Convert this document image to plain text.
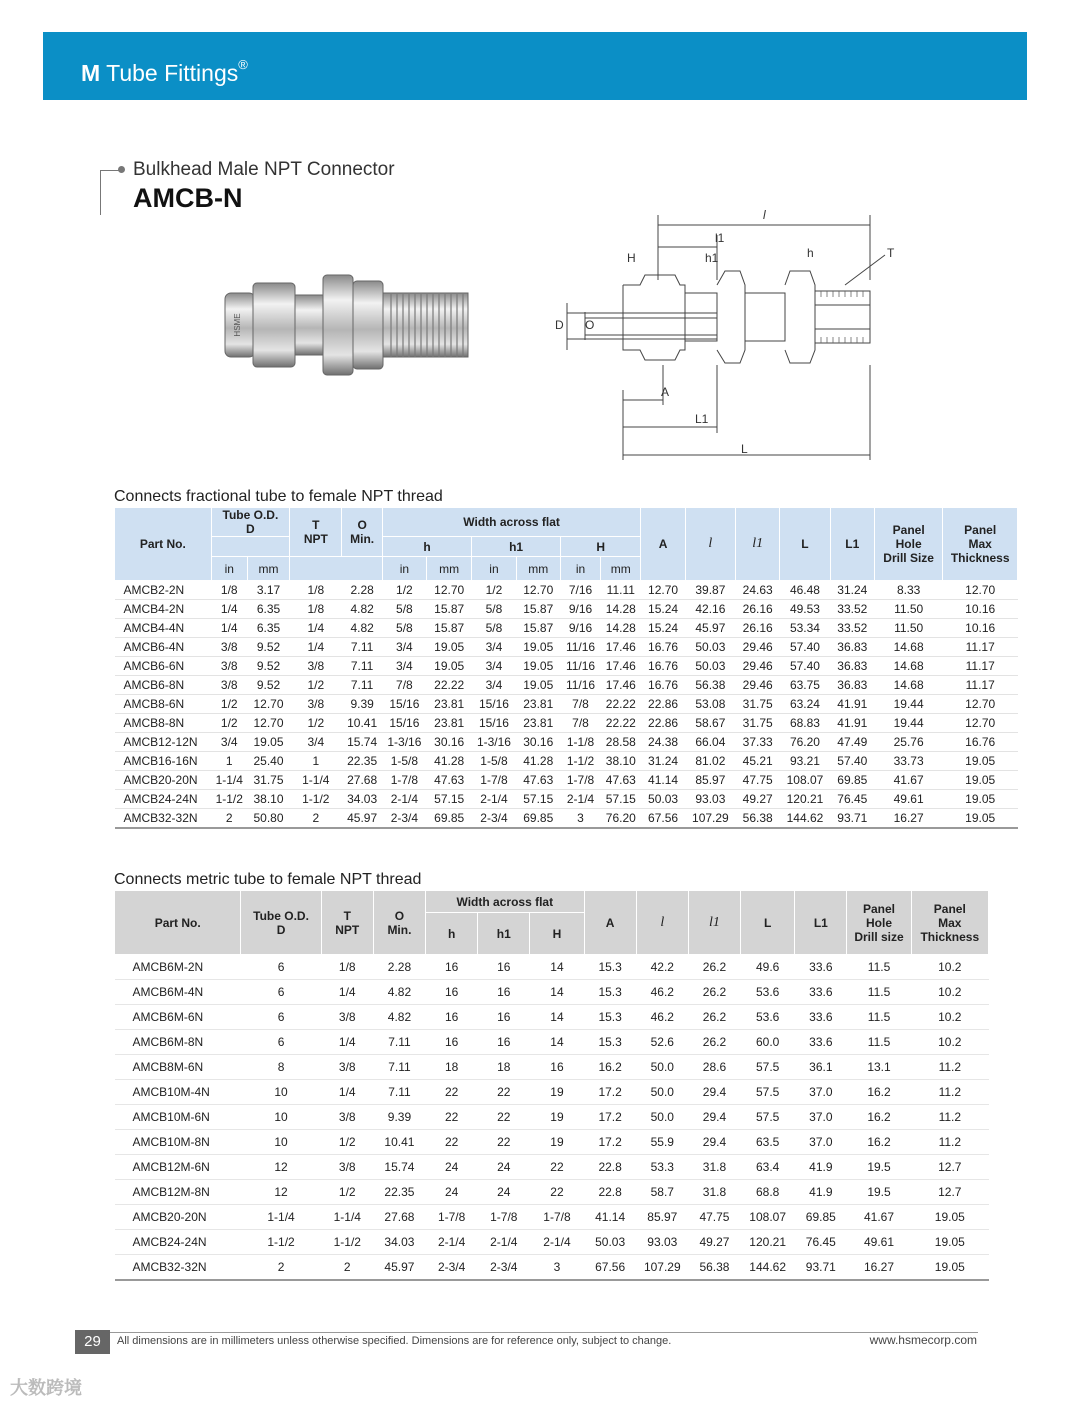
M Tube Fittings®
Bulkhead Male NPT Connector
AMCB-N
HSME
l
l1
H	h1	h	T
D O
A
L1
L
Connects fractional tube to female NPT thread
Part No.	Tube O.D.
D		T
NPT	O
Min.	Width across flat						A	l	l1	L	L1	Panel
Hole
Drill Size	Panel
Max
Thickness
					h		h1		H								
	in	mm			in	mm	in	mm	in	mm							
AMCB2-2N	1/8	3.17	1/8	2.28	1/2	12.70	1/2	12.70	7/16	11.11	12.70	39.87	24.63	46.48	31.24	8.33	12.70
AMCB4-2N	1/4	6.35	1/8	4.82	5/8	15.87	5/8	15.87	9/16	14.28	15.24	42.16	26.16	49.53	33.52	11.50	10.16
AMCB4-4N	1/4	6.35	1/4	4.82	5/8	15.87	5/8	15.87	9/16	14.28	15.24	45.97	26.16	53.34	33.52	11.50	10.16
AMCB6-4N	3/8	9.52	1/4	7.11	3/4	19.05	3/4	19.05	11/16	17.46	16.76	50.03	29.46	57.40	36.83	14.68	11.17
AMCB6-6N	3/8	9.52	3/8	7.11	3/4	19.05	3/4	19.05	11/16	17.46	16.76	50.03	29.46	57.40	36.83	14.68	11.17
AMCB6-8N	3/8	9.52	1/2	7.11	7/8	22.22	3/4	19.05	11/16	17.46	16.76	56.38	29.46	63.75	36.83	14.68	11.17
AMCB8-6N	1/2	12.70	3/8	9.39	15/16	23.81	15/16	23.81	7/8	22.22	22.86	53.08	31.75	63.24	41.91	19.44	12.70
AMCB8-8N	1/2	12.70	1/2	10.41	15/16	23.81	15/16	23.81	7/8	22.22	22.86	58.67	31.75	68.83	41.91	19.44	12.70
AMCB12-12N	3/4	19.05	3/4	15.74	1-3/16	30.16	1-3/16	30.16	1-1/8	28.58	24.38	66.04	37.33	76.20	47.49	25.76	16.76
AMCB16-16N	1	25.40	1	22.35	1-5/8	41.28	1-5/8	41.28	1-1/2	38.10	31.24	81.02	45.21	93.21	57.40	33.73	19.05
AMCB20-20N	1-1/4	31.75	1-1/4	27.68	1-7/8	47.63	1-7/8	47.63	1-7/8	47.63	41.14	85.97	47.75	108.07	69.85	41.67	19.05
AMCB24-24N	1-1/2	38.10	1-1/2	34.03	2-1/4	57.15	2-1/4	57.15	2-1/4	57.15	50.03	93.03	49.27	120.21	76.45	49.61	19.05
AMCB32-32N	2	50.80	2	45.97	2-3/4	69.85	2-3/4	69.85	3	76.20	67.56	107.29	56.38	144.62	93.71	16.27	19.05
Connects metric tube to female NPT thread
Part No.	Tube O.D.
D	T
NPT	O
Min.	Width across flat			A	l	l1	L	L1	Panel
Hole
Drill size	Panel
Max
Thickness
				h	h1	H							
AMCB6M-2N	6	1/8	2.28	16	16	14	15.3	42.2	26.2	49.6	33.6	11.5	10.2
AMCB6M-4N	6	1/4	4.82	16	16	14	15.3	46.2	26.2	53.6	33.6	11.5	10.2
AMCB6M-6N	6	3/8	4.82	16	16	14	15.3	46.2	26.2	53.6	33.6	11.5	10.2
AMCB6M-8N	6	1/4	7.11	16	16	14	15.3	52.6	26.2	60.0	33.6	11.5	10.2
AMCB8M-6N	8	3/8	7.11	18	18	16	16.2	50.0	28.6	57.5	36.1	13.1	11.2
AMCB10M-4N	10	1/4	7.11	22	22	19	17.2	50.0	29.4	57.5	37.0	16.2	11.2
AMCB10M-6N	10	3/8	9.39	22	22	19	17.2	50.0	29.4	57.5	37.0	16.2	11.2
AMCB10M-8N	10	1/2	10.41	22	22	19	17.2	55.9	29.4	63.5	37.0	16.2	11.2
AMCB12M-6N	12	3/8	15.74	24	24	22	22.8	53.3	31.8	63.4	41.9	19.5	12.7
AMCB12M-8N	12	1/2	22.35	24	24	22	22.8	58.7	31.8	68.8	41.9	19.5	12.7
AMCB20-20N	1-1/4	1-1/4	27.68	1-7/8	1-7/8	1-7/8	41.14	85.97	47.75	108.07	69.85	41.67	19.05
AMCB24-24N	1-1/2	1-1/2	34.03	2-1/4	2-1/4	2-1/4	50.03	93.03	49.27	120.21	76.45	49.61	19.05
AMCB32-32N	2	2	45.97	2-3/4	2-3/4	3	67.56	107.29	56.38	144.62	93.71	16.27	19.05
29	All dimensions are in millimeters unless otherwise specified. Dimensions are for reference only, subject to change.	www.hsmecorp.com
大数跨境
